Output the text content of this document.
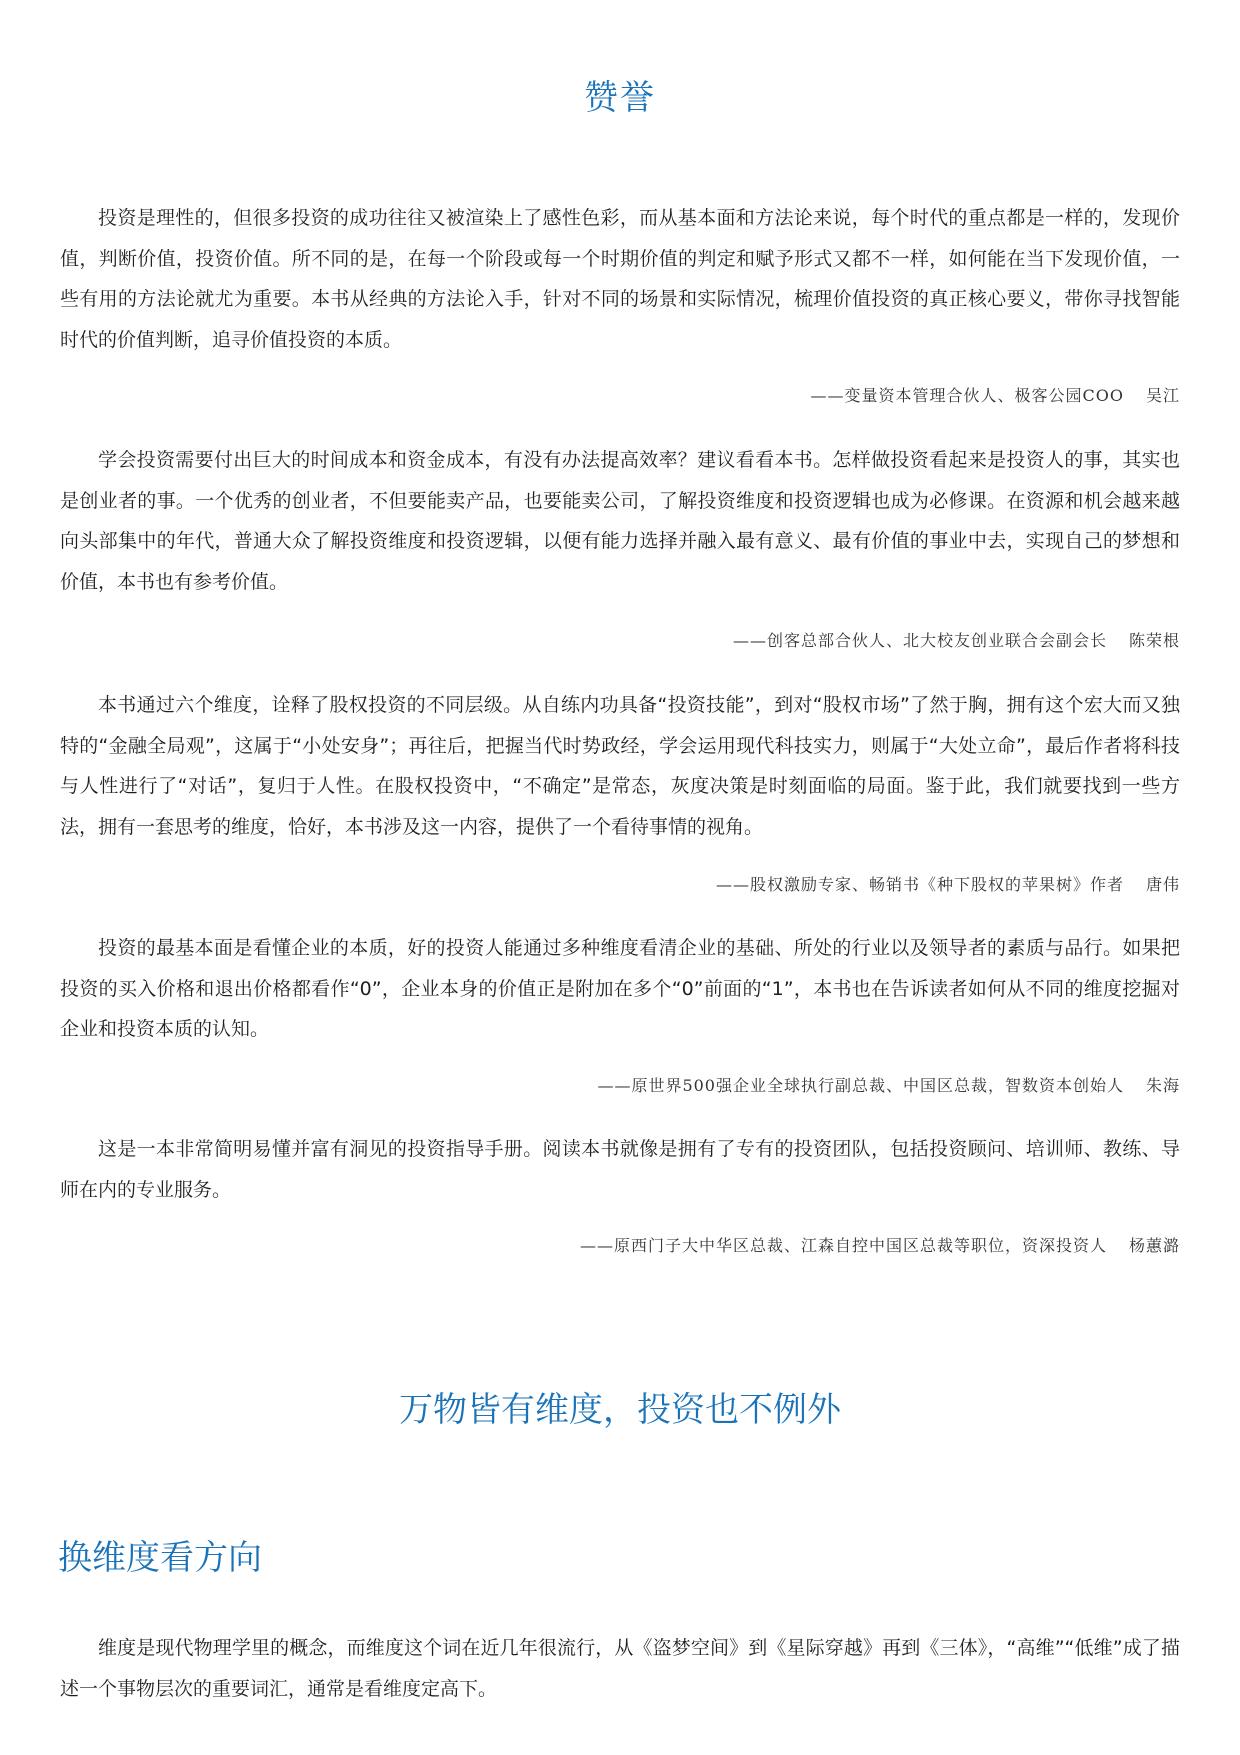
赞誉

投资是理性的，但很多投资的成功往往又被渲染上了感性色彩，而从基本面和方法论来说，每个时代的重点都是一样的，发现价值，判断价值，投资价值。所不同的是，在每一个阶段或每一个时期价值的判定和赋予形式又都不一样，如何能在当下发现价值，一些有用的方法论就尤为重要。本书从经典的方法论入手，针对不同的场景和实际情况，梳理价值投资的真正核心要义，带你寻找智能时代的价值判断，追寻价值投资的本质。

——变量资本管理合伙人、极客公园COO 吴江

学会投资需要付出巨大的时间成本和资金成本，有没有办法提高效率？建议看看本书。怎样做投资看起来是投资人的事，其实也是创业者的事。一个优秀的创业者，不但要能卖产品，也要能卖公司，了解投资维度和投资逻辑也成为必修课。在资源和机会越来越向头部集中的年代，普通大众了解投资维度和投资逻辑，以便有能力选择并融入最有意义、最有价值的事业中去，实现自己的梦想和价值，本书也有参考价值。

——创客总部合伙人、北大校友创业联合会副会长 陈荣根

本书通过六个维度，诠释了股权投资的不同层级。从自练内功具备“投资技能”，到对“股权市场”了然于胸，拥有这个宏大而又独特的“金融全局观”，这属于“小处安身”；再往后，把握当代时势政经，学会运用现代科技实力，则属于“大处立命”，最后作者将科技与人性进行了“对话”，复归于人性。在股权投资中，“不确定”是常态，灰度决策是时刻面临的局面。鉴于此，我们就要找到一些方法，拥有一套思考的维度，恰好，本书涉及这一内容，提供了一个看待事情的视角。

——股权激励专家、畅销书《种下股权的苹果树》作者 唐伟

投资的最基本面是看懂企业的本质，好的投资人能通过多种维度看清企业的基础、所处的行业以及领导者的素质与品行。如果把投资的买入价格和退出价格都看作“0”，企业本身的价值正是附加在多个“0”前面的“1”，本书也在告诉读者如何从不同的维度挖掘对企业和投资本质的认知。

——原世界500强企业全球执行副总裁、中国区总裁，智数资本创始人 朱海

这是一本非常简明易懂并富有洞见的投资指导手册。阅读本书就像是拥有了专有的投资团队，包括投资顾问、培训师、教练、导师在内的专业服务。

——原西门子大中华区总裁、江森自控中国区总裁等职位，资深投资人 杨蕙潞
万物皆有维度，投资也不例外
换维度看方向

维度是现代物理学里的概念，而维度这个词在近几年很流行，从《盗梦空间》到《星际穿越》再到《三体》，“高维”“低维”成了描述一个事物层次的重要词汇，通常是看维度定高下。
